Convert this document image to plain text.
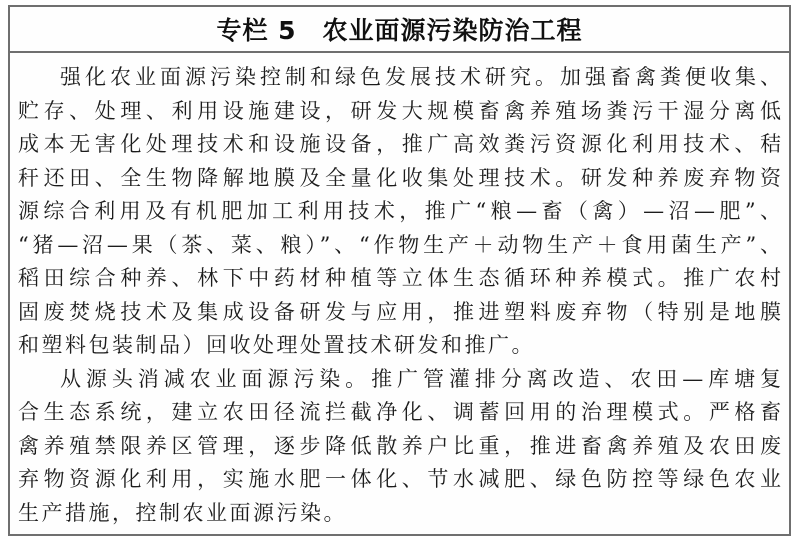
专栏 5　农业面源污染防治工程
强化农业面源污染控制和绿色发展技术研究。加强畜禽粪便收集、
贮存、处理、利用设施建设，研发大规模畜禽养殖场粪污干湿分离低
成本无害化处理技术和设施设备，推广高效粪污资源化利用技术、秸
秆还田、全生物降解地膜及全量化收集处理技术。研发种养废弃物资
源综合利用及有机肥加工利用技术，推广“粮—畜（禽）—沼—肥”、
“猪—沼—果（茶、菜、粮）”、“作物生产＋动物生产＋食用菌生产”、
稻田综合种养、林下中药材种植等立体生态循环种养模式。推广农村
固废焚烧技术及集成设备研发与应用，推进塑料废弃物（特别是地膜
和塑料包装制品）回收处理处置技术研发和推广。
从源头消减农业面源污染。推广管灌排分离改造、农田—库塘复
合生态系统，建立农田径流拦截净化、调蓄回用的治理模式。严格畜
禽养殖禁限养区管理，逐步降低散养户比重，推进畜禽养殖及农田废
弃物资源化利用，实施水肥一体化、节水减肥、绿色防控等绿色农业
生产措施，控制农业面源污染。
